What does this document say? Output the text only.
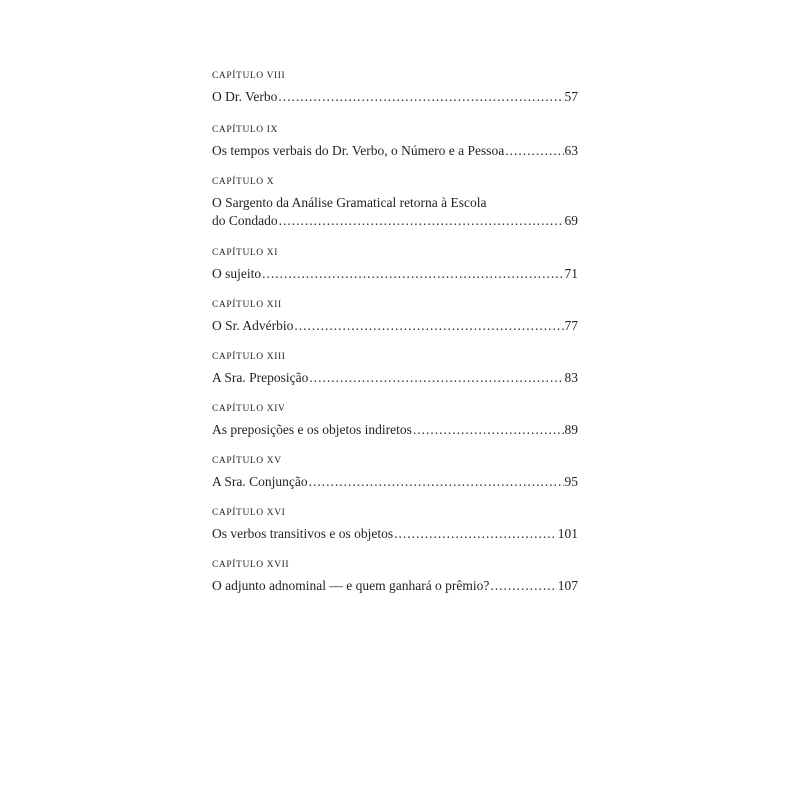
CAPÍTULO VIII
O Dr. Verbo .....	57
CAPÍTULO IX
Os tempos verbais do Dr. Verbo, o Número e a Pessoa .....	63
CAPÍTULO X
O Sargento da Análise Gramatical retorna à Escola
do Condado .....	69
CAPÍTULO XI
O sujeito .....	71
CAPÍTULO XII
O Sr. Advérbio .....	77
CAPÍTULO XIII
A Sra. Preposição .....	83
CAPÍTULO XIV
As preposições e os objetos indiretos .....	89
CAPÍTULO XV
A Sra. Conjunção .....	95
CAPÍTULO XVI
Os verbos transitivos e os objetos .....	101
CAPÍTULO XVII
O adjunto adnominal — e quem ganhará o prêmio? .....	107
